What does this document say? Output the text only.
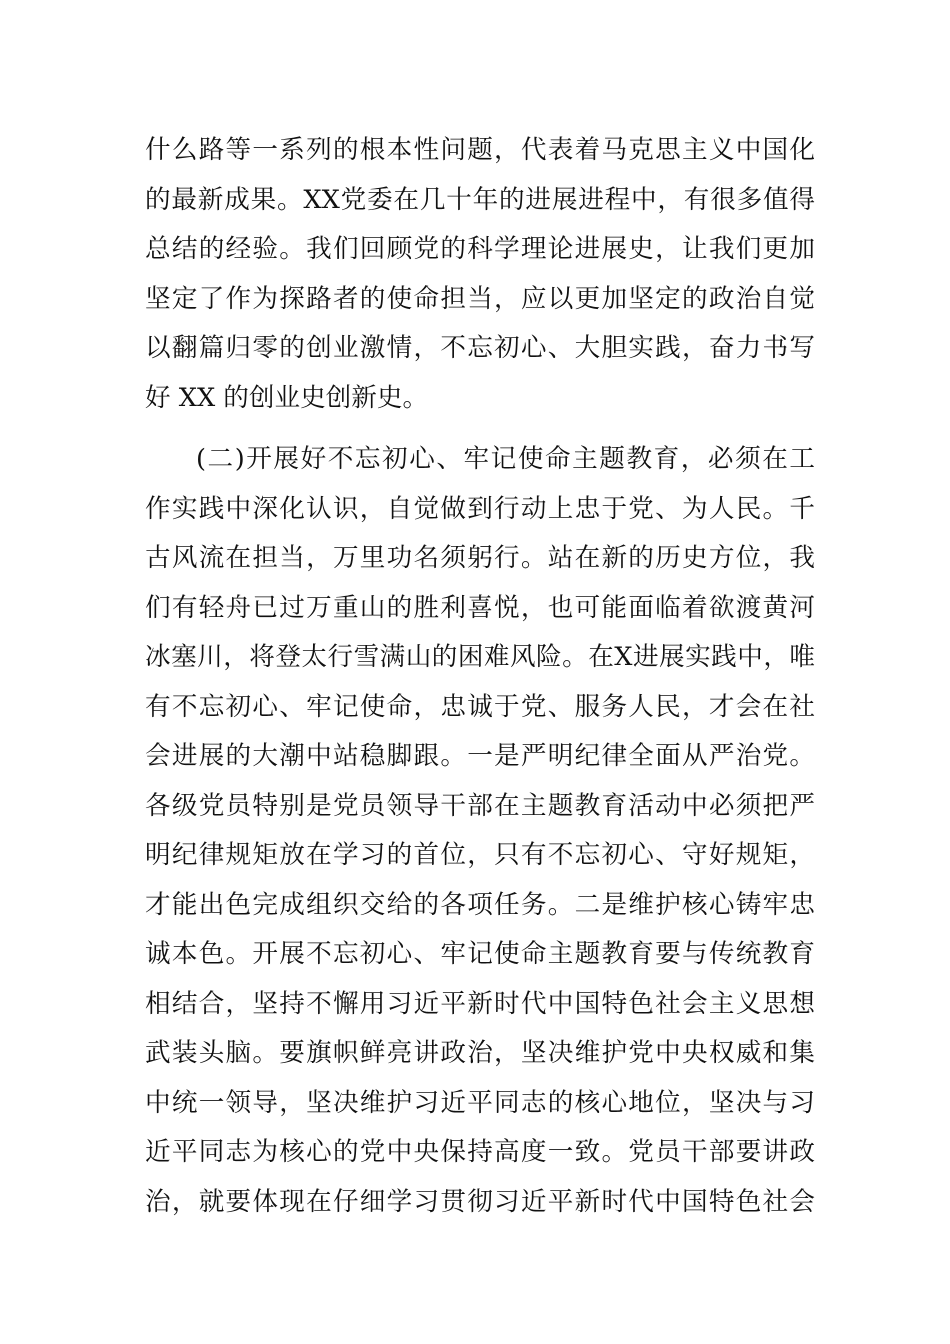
什么路等一系列的根本性问题，代表着马克思主义中国化
的最新成果。XX党委在几十年的进展进程中，有很多值得
总结的经验。我们回顾党的科学理论进展史，让我们更加
坚定了作为探路者的使命担当，应以更加坚定的政治自觉
以翻篇归零的创业激情，不忘初心、大胆实践，奋力书写
好 XX 的创业史创新史。
(二)开展好不忘初心、牢记使命主题教育，必须在工
作实践中深化认识，自觉做到行动上忠于党、为人民。千
古风流在担当，万里功名须躬行。站在新的历史方位，我
们有轻舟已过万重山的胜利喜悦，也可能面临着欲渡黄河
冰塞川，将登太行雪满山的困难风险。在X进展实践中，唯
有不忘初心、牢记使命，忠诚于党、服务人民，才会在社
会进展的大潮中站稳脚跟。一是严明纪律全面从严治党。
各级党员特别是党员领导干部在主题教育活动中必须把严
明纪律规矩放在学习的首位，只有不忘初心、守好规矩，
才能出色完成组织交给的各项任务。二是维护核心铸牢忠
诚本色。开展不忘初心、牢记使命主题教育要与传统教育
相结合，坚持不懈用习近平新时代中国特色社会主义思想
武装头脑。要旗帜鲜亮讲政治，坚决维护党中央权威和集
中统一领导，坚决维护习近平同志的核心地位，坚决与习
近平同志为核心的党中央保持高度一致。党员干部要讲政
治，就要体现在仔细学习贯彻习近平新时代中国特色社会
